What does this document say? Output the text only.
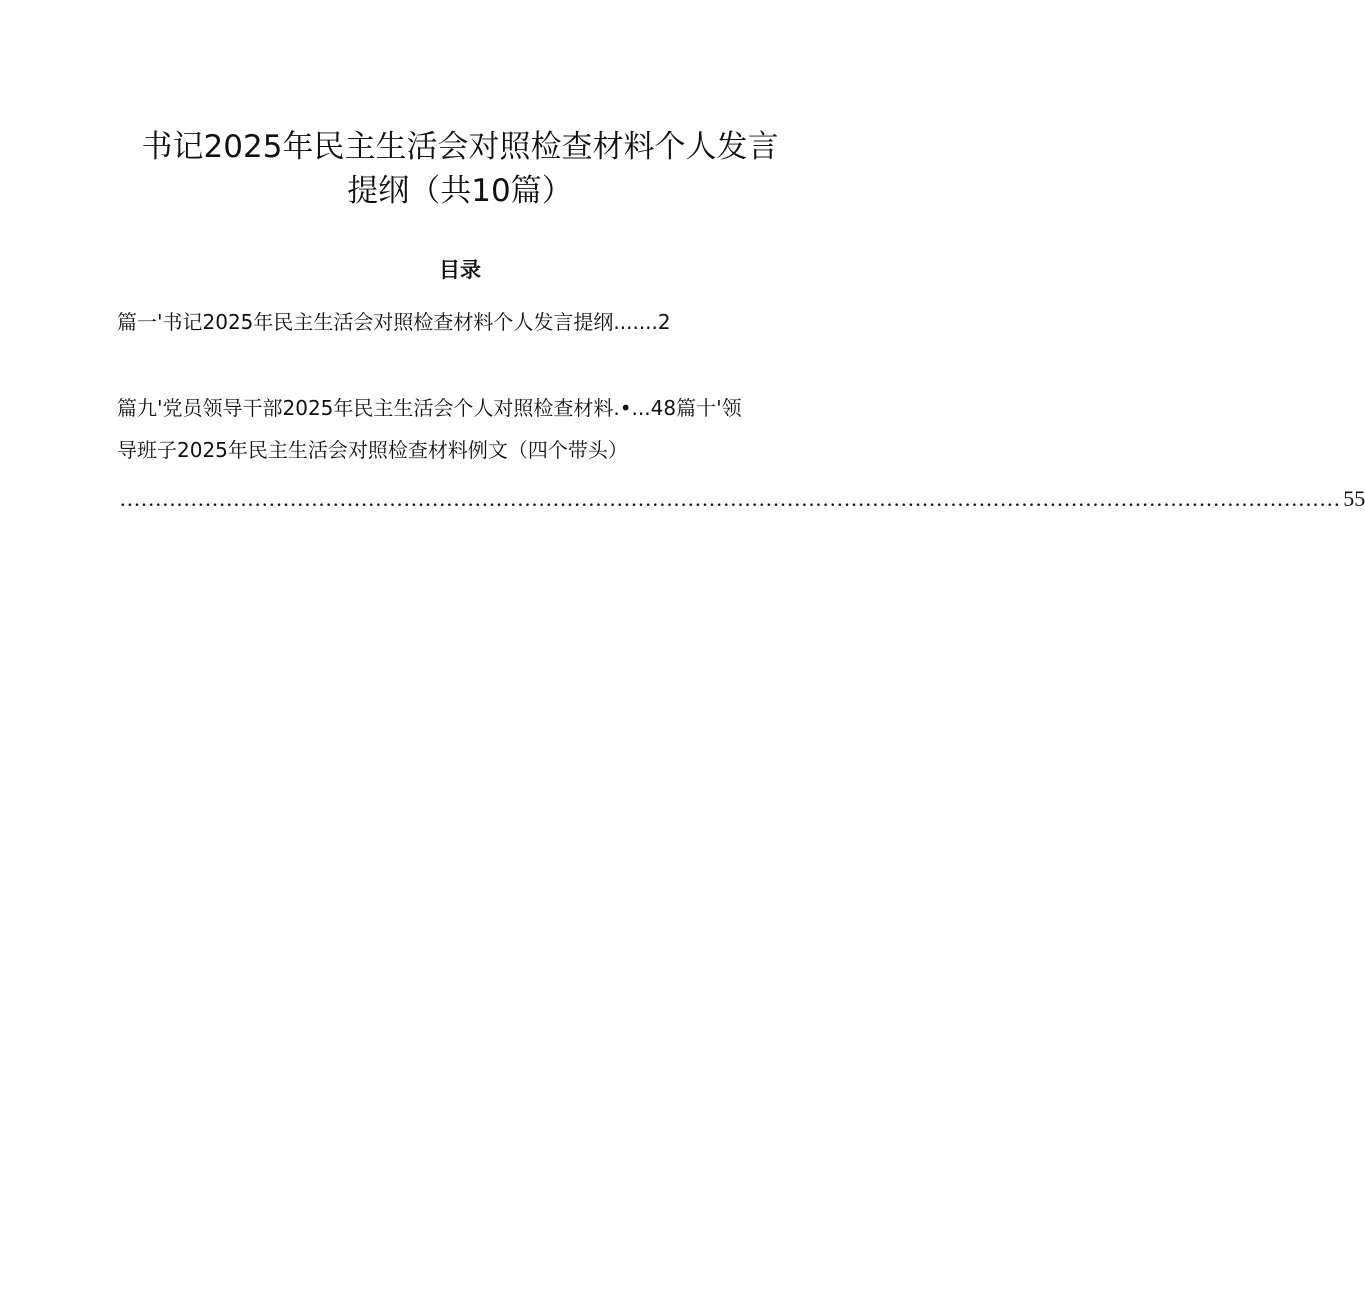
书记2025年民主生活会对照检查材料个人发言
提纲（共10篇）
目录
篇一'书记2025年民主生活会对照检查材料个人发言提纲.......2
篇九'党员领导干部2025年民主生活会个人对照检查材料.•...48篇十'领
导班子2025年民主生活会对照检查材料例文（四个带头）
............................................................................................................................................................................ 55
